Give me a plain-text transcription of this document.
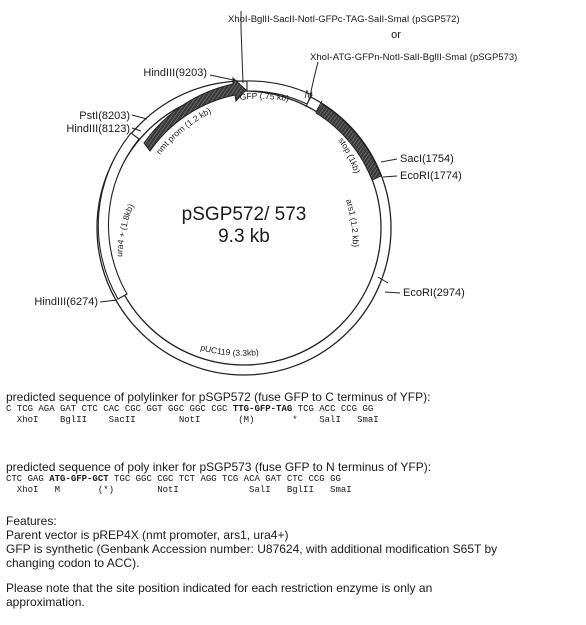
XhoI-BglII-SacII-NotI-GFPc-TAG-SalI-SmaI (pSGP572)
or
XhoI-ATG-GFPn-NotI-SalI-BglII-SmaI (pSGP573)
HindIII(9203)
PstI(8203)
HindIII(8123)
SacI(1754)
EcoRI(1774)
EcoRI(2974)
HindIII(6274)
nmt prom (1.2 kb)
GFP (.75 kb)
stop (1kb)
ars1 (1.2 kb)
pUC119 (3.3kb)
ura4 + (1.8kb) pSGP572/ 573
9.3 kb
predicted sequence of polylinker for pSGP572 (fuse GFP to C terminus of YFP):
C TCG AGA GAT CTC CAC CGC GGT GGC GGC CGC TTG-GFP-TAG TCG ACC CCG GG
XhoI    BglII    SacII        NotI       (M)       *    SalI   SmaI
predicted sequence of poly inker for pSGP573 (fuse GFP to N terminus of YFP):
CTC GAG ATG-GFP-GCT TGC GGC CGC TCT AGG TCG ACA GAT CTC CCG GG
XhoI   M       (*)        NotI             SalI   BglII   SmaI
Features:
Parent vector is pREP4X (nmt promoter, ars1, ura4+)
GFP is synthetic (Genbank Accession number: U87624, with additional modification S65T by
changing codon to ACC).
Please note that the site position indicated for each restriction enzyme is only an
approximation.
